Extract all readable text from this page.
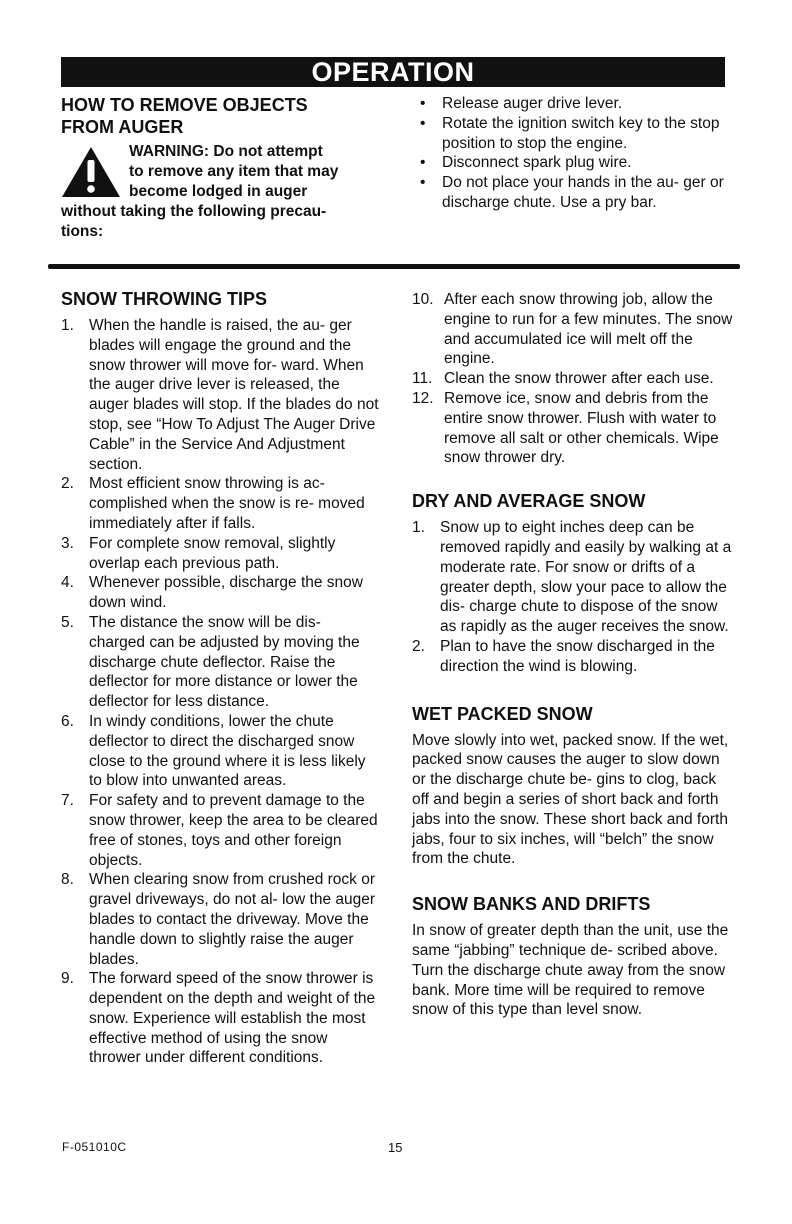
OPERATION
HOW TO REMOVE OBJECTS
FROM AUGER

WARNING: Do not attempt

to remove any item that may

become lodged in auger

without taking the following precau-

tions:

• Release auger drive lever.
• Rotate the ignition switch key to the stop position to stop the engine.
• Disconnect spark plug wire.
• Do not place your hands in the au- ger or discharge chute. Use a pry bar.
SNOW THROWING TIPS
1. When the handle is raised, the au- ger blades will engage the ground and the snow thrower will move for- ward. When the auger drive lever is released, the auger blades will stop. If the blades do not stop, see “How To Adjust The Auger Drive Cable” in the Service And Adjustment section.
2. Most efficient snow throwing is ac- complished when the snow is re- moved immediately after if falls.
3. For complete snow removal, slightly overlap each previous path.
4. Whenever possible, discharge the snow down wind.
5. The distance the snow will be dis- charged can be adjusted by moving the discharge chute deflector. Raise the deflector for more distance or lower the deflector for less distance.
6. In windy conditions, lower the chute deflector to direct the discharged snow close to the ground where it is less likely to blow into unwanted areas.
7. For safety and to prevent damage to the snow thrower, keep the area to be cleared free of stones, toys and other foreign objects.
8. When clearing snow from crushed rock or gravel driveways, do not al- low the auger blades to contact the driveway. Move the handle down to slightly raise the auger blades.
9. The forward speed of the snow thrower is dependent on the depth and weight of the snow. Experience will establish the most effective method of using the snow thrower under different conditions.
10. After each snow throwing job, allow the engine to run for a few minutes. The snow and accumulated ice will melt off the engine.
11. Clean the snow thrower after each use.
12. Remove ice, snow and debris from the entire snow thrower. Flush with water to remove all salt or other chemicals. Wipe snow thrower dry.
DRY AND AVERAGE SNOW
1. Snow up to eight inches deep can be removed rapidly and easily by walking at a moderate rate. For snow or drifts of a greater depth, slow your pace to allow the dis- charge chute to dispose of the snow as rapidly as the auger receives the snow.
2. Plan to have the snow discharged in the direction the wind is blowing.
WET PACKED SNOW

Move slowly into wet, packed snow. If the wet, packed snow causes the auger to slow down or the discharge chute be- gins to clog, back off and begin a series of short back and forth jabs into the snow. These short back and forth jabs, four to six inches, will “belch” the snow from the chute.

SNOW BANKS AND DRIFTS

In snow of greater depth than the unit, use the same “jabbing” technique de- scribed above. Turn the discharge chute away from the snow bank. More time will be required to remove snow of this type than level snow.

F-051010C	15
